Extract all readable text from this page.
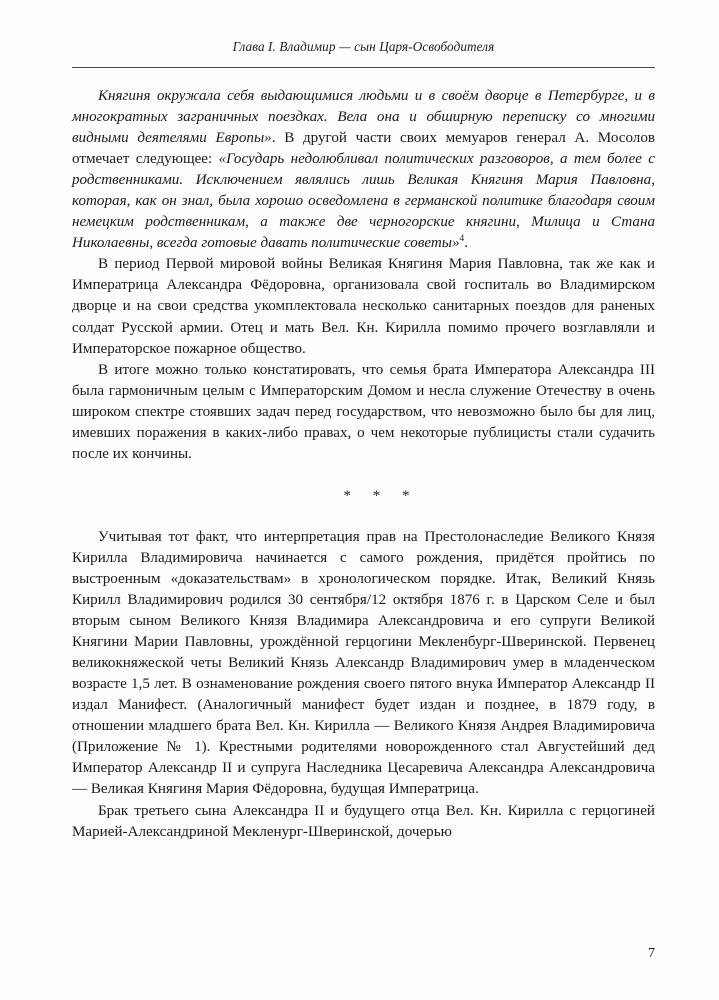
Глава I. Владимир — сын Царя-Освободителя

Княгиня окружала себя выдающимися людьми и в своём дворце в Петербурге, и в многократных заграничных поездках. Вела она и обширную переписку со многими видными деятелями Европы». В другой части своих мемуаров генерал А. Мосолов отмечает следующее: «Государь недолюбливал политических разговоров, а тем более с родственниками. Исключением являлись лишь Великая Княгиня Мария Павловна, которая, как он знал, была хорошо осведомлена в германской политике благодаря своим немецким родственникам, а также две черногорские княгини, Милица и Стана Николаевны, всегда готовые давать политические советы»$^4$.

В период Первой мировой войны Великая Княгиня Мария Павловна, так же как и Императрица Александра Фёдоровна, организовала свой госпиталь во Владимирском дворце и на свои средства укомплектовала несколько санитарных поездов для раненых солдат Русской армии. Отец и мать Вел. Кн. Кирилла помимо прочего возглавляли и Императорское пожарное общество.

В итоге можно только констатировать, что семья брата Императора Александра III была гармоничным целым с Императорским Домом и несла служение Отечеству в очень широком спектре стоявших задач перед государством, что невозможно было бы для лиц, имевших поражения в каких-либо правах, о чем некоторые публицисты стали судачить после их кончины.

* * *

Учитывая тот факт, что интерпретация прав на Престолонаследие Великого Князя Кирилла Владимировича начинается с самого рождения, придётся пройтись по выстроенным «доказательствам» в хронологическом порядке. Итак, Великий Князь Кирилл Владимирович родился 30 сентября/12 октября 1876 г. в Царском Селе и был вторым сыном Великого Князя Владимира Александровича и его супруги Великой Княгини Марии Павловны, урождённой герцогини Мекленбург-Шверинской. Первенец великокняжеской четы Великий Князь Александр Владимирович умер в младенческом возрасте 1,5 лет. В ознаменование рождения своего пятого внука Император Александр II издал Манифест. (Аналогичный манифест будет издан и позднее, в 1879 году, в отношении младшего брата Вел. Кн. Кирилла — Великого Князя Андрея Владимировича (Приложение № 1). Крестными родителями новорожденного стал Августейший дед Император Александр II и супруга Наследника Цесаревича Александра Александровича — Великая Княгиня Мария Фёдоровна, будущая Императрица.

Брак третьего сына Александра II и будущего отца Вел. Кн. Кирилла с герцогиней Марией-Александриной Мекленург-Шверинской, дочерью

7
